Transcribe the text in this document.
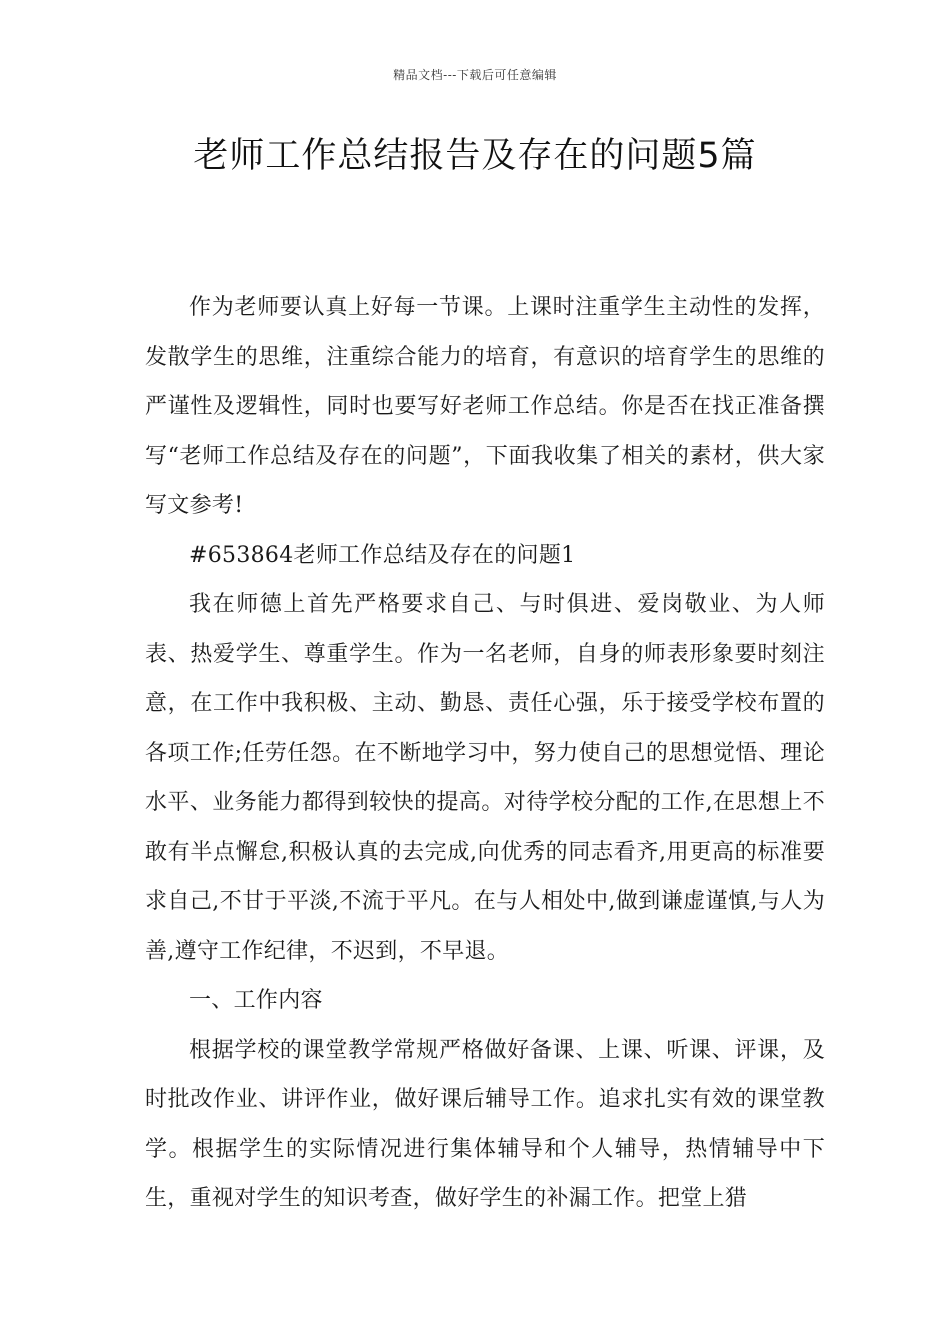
精品文档---下载后可任意编辑
老师工作总结报告及存在的问题5篇

作为老师要认真上好每一节课。上课时注重学生主动性的发挥，发散学生的思维，注重综合能力的培育，有意识的培育学生的思维的严谨性及逻辑性，同时也要写好老师工作总结。你是否在找正准备撰写“老师工作总结及存在的问题”，下面我收集了相关的素材，供大家写文参考!

#653864老师工作总结及存在的问题1

我在师德上首先严格要求自己、与时俱进、爱岗敬业、为人师表、热爱学生、尊重学生。作为一名老师，自身的师表形象要时刻注意，在工作中我积极、主动、勤恳、责任心强，乐于接受学校布置的各项工作;任劳任怨。在不断地学习中，努力使自己的思想觉悟、理论水平、业务能力都得到较快的提高。对待学校分配的工作,在思想上不敢有半点懈怠,积极认真的去完成,向优秀的同志看齐,用更高的标准要求自己,不甘于平淡,不流于平凡。在与人相处中,做到谦虚谨慎,与人为善,遵守工作纪律，不迟到，不早退。

一、工作内容

根据学校的课堂教学常规严格做好备课、上课、听课、评课，及时批改作业、讲评作业，做好课后辅导工作。追求扎实有效的课堂教学。根据学生的实际情况进行集体辅导和个人辅导，热情辅导中下生，重视对学生的知识考查，做好学生的补漏工作。把堂上猎
